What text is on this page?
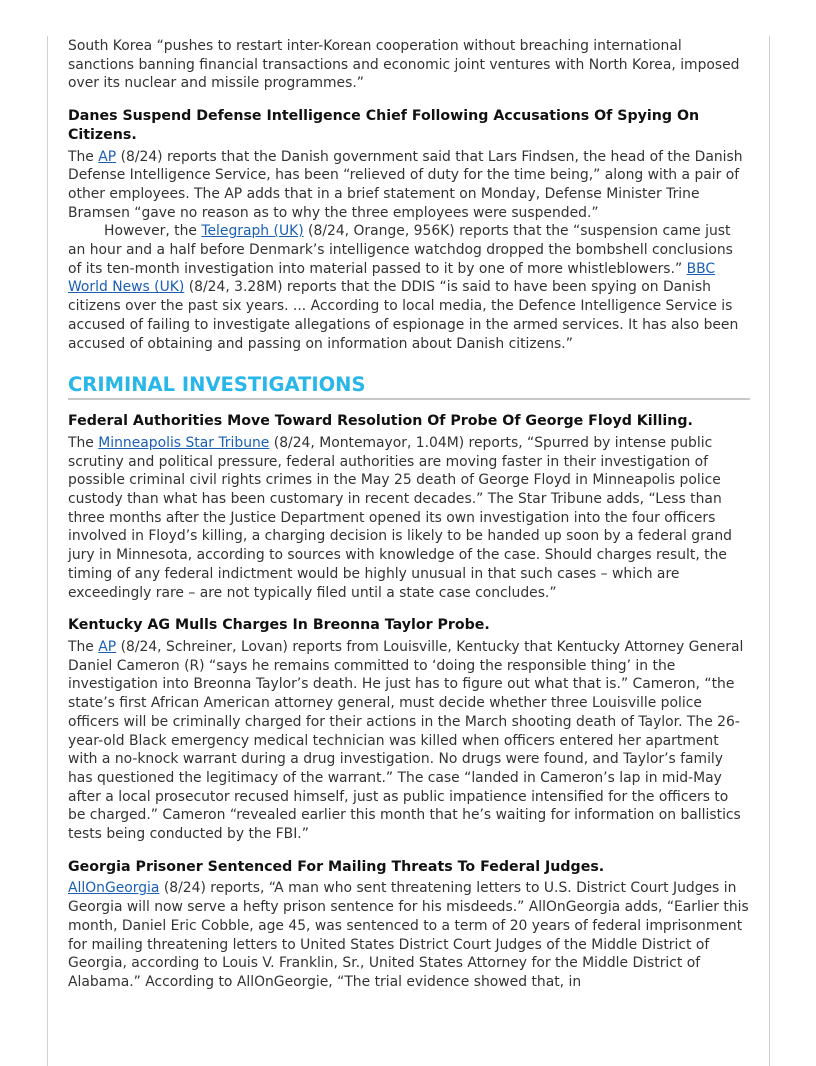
South Korea “pushes to restart inter-Korean cooperation without breaching international sanctions banning financial transactions and economic joint ventures with North Korea, imposed over its nuclear and missile programmes.”

Danes Suspend Defense Intelligence Chief Following Accusations Of Spying On Citizens.

The AP (8/24) reports that the Danish government said that Lars Findsen, the head of the Danish Defense Intelligence Service, has been “relieved of duty for the time being,” along with a pair of other employees. The AP adds that in a brief statement on Monday, Defense Minister Trine Bramsen “gave no reason as to why the three employees were suspended.”

However, the Telegraph (UK) (8/24, Orange, 956K) reports that the “suspension came just an hour and a half before Denmark’s intelligence watchdog dropped the bombshell conclusions of its ten-month investigation into material passed to it by one of more whistleblowers.” BBC World News (UK) (8/24, 3.28M) reports that the DDIS “is said to have been spying on Danish citizens over the past six years. ... According to local media, the Defence Intelligence Service is accused of failing to investigate allegations of espionage in the armed services. It has also been accused of obtaining and passing on information about Danish citizens.”

CRIMINAL INVESTIGATIONS
Federal Authorities Move Toward Resolution Of Probe Of George Floyd Killing.

The Minneapolis Star Tribune (8/24, Montemayor, 1.04M) reports, “Spurred by intense public scrutiny and political pressure, federal authorities are moving faster in their investigation of possible criminal civil rights crimes in the May 25 death of George Floyd in Minneapolis police custody than what has been customary in recent decades.” The Star Tribune adds, “Less than three months after the Justice Department opened its own investigation into the four officers involved in Floyd’s killing, a charging decision is likely to be handed up soon by a federal grand jury in Minnesota, according to sources with knowledge of the case. Should charges result, the timing of any federal indictment would be highly unusual in that such cases – which are exceedingly rare – are not typically filed until a state case concludes.”

Kentucky AG Mulls Charges In Breonna Taylor Probe.

The AP (8/24, Schreiner, Lovan) reports from Louisville, Kentucky that Kentucky Attorney General Daniel Cameron (R) “says he remains committed to ‘doing the responsible thing’ in the investigation into Breonna Taylor’s death. He just has to figure out what that is.” Cameron, “the state’s first African American attorney general, must decide whether three Louisville police officers will be criminally charged for their actions in the March shooting death of Taylor. The 26-year-old Black emergency medical technician was killed when officers entered her apartment with a no-knock warrant during a drug investigation. No drugs were found, and Taylor’s family has questioned the legitimacy of the warrant.” The case “landed in Cameron’s lap in mid-May after a local prosecutor recused himself, just as public impatience intensified for the officers to be charged.” Cameron “revealed earlier this month that he’s waiting for information on ballistics tests being conducted by the FBI.”

Georgia Prisoner Sentenced For Mailing Threats To Federal Judges.

AllOnGeorgia (8/24) reports, “A man who sent threatening letters to U.S. District Court Judges in Georgia will now serve a hefty prison sentence for his misdeeds.” AllOnGeorgia adds, “Earlier this month, Daniel Eric Cobble, age 45, was sentenced to a term of 20 years of federal imprisonment for mailing threatening letters to United States District Court Judges of the Middle District of Georgia, according to Louis V. Franklin, Sr., United States Attorney for the Middle District of Alabama.” According to AllOnGeorgie, “The trial evidence showed that, in
